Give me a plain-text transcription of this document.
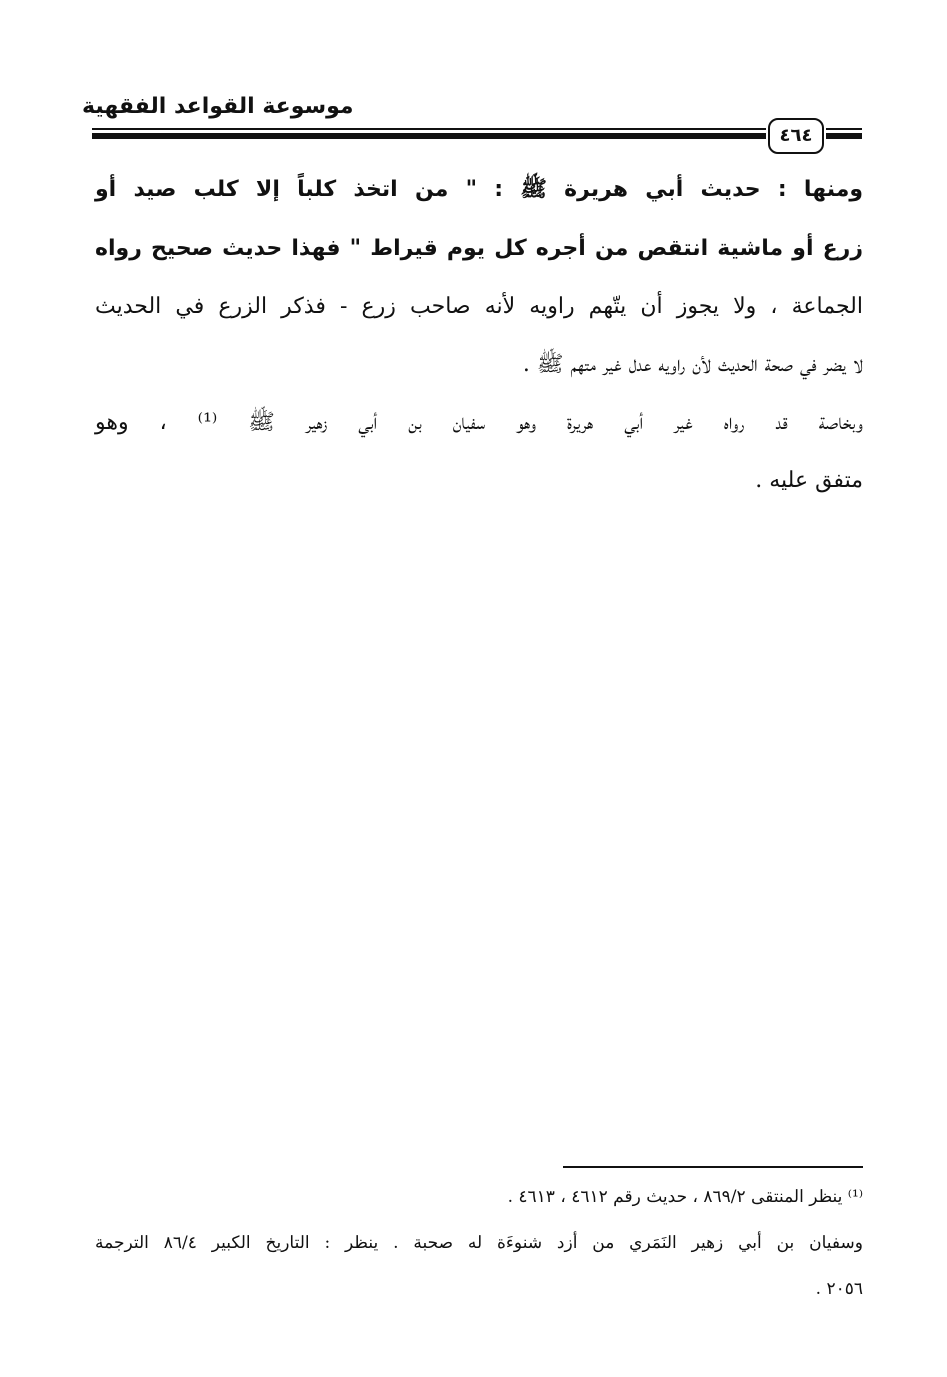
موسوعة القواعد الفقهية
٤٦٤
ومنها : حديث أبي هريرة ﷺ : " من اتخذ كلباً إلا كلب صيد أو
زرع أو ماشية انتقص من أجره كل يوم قيراط " فهذا حديث صحيح رواه
الجماعة ، ولا يجوز أن يتّهم راويه لأنه صاحب زرع - فذكر الزرع في الحديث
لا يضر في صحة الحديث لأن راويه عدل غير متهم ﷺ .
وبخاصة قد رواه غير أبي هريرة وهو سفيان بن أبي زهير ﷺ ⁽¹⁾ ، وهو
متفق عليه .
⁽¹⁾ ينظر المنتقى ٨٦٩/٢ ، حديث رقم ٤٦١٢ ، ٤٦١٣ .
وسفيان بن أبي زهير النَمَري من أزد شنوءَة له صحبة . ينظر : التاريخ الكبير ٨٦/٤ الترجمة
٢٠٥٦ .
